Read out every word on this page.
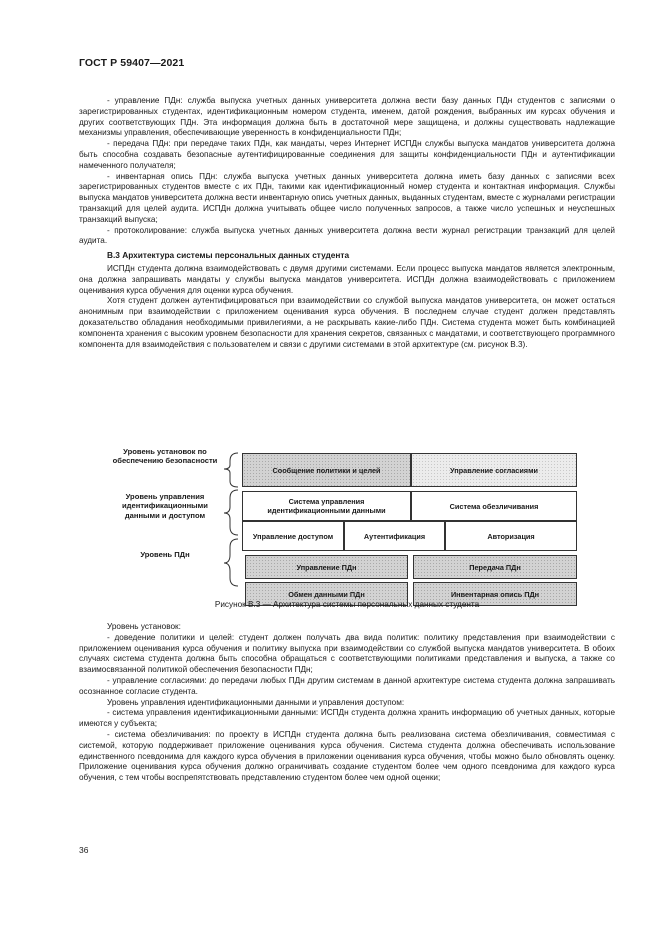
ГОСТ Р 59407—2021

- управление ПДн: служба выпуска учетных данных университета должна вести базу данных ПДн студентов с записями о зарегистрированных студентах, идентификационным номером студента, именем, датой рождения, выбранных им курсах обучения и других соответствующих ПДн. Эта информация должна быть в достаточной мере защищена, и должны существовать надлежащие механизмы управления, обеспечивающие уверенность в конфиденциальности ПДн;

- передача ПДн: при передаче таких ПДн, как мандаты, через Интернет ИСПДн службы выпуска мандатов университета должна быть способна создавать безопасные аутентифицированные соединения для защиты конфиденциальности ПДн и аутентификации намеченного получателя;

- инвентарная опись ПДн: служба выпуска учетных данных университета должна иметь базу данных с записями всех зарегистрированных студентов вместе с их ПДн, такими как идентификационный номер студента и контактная информация. Службы выпуска мандатов университета должна вести инвентарную опись учетных данных, выданных студентам, вместе с журналами регистрации транзакций для целей аудита. ИСПДн должна учитывать общее число полученных запросов, а также число успешных и неуспешных транзакций выпуска;

- протоколирование: служба выпуска учетных данных университета должна вести журнал регистрации транзакций для целей аудита.

В.3 Архитектура системы персональных данных студента

ИСПДн студента должна взаимодействовать с двумя другими системами. Если процесс выпуска мандатов является электронным, она должна запрашивать мандаты у службы выпуска мандатов университета. ИСПДн должна взаимодействовать с приложением оценивания курса обучения для оценки курса обучения.

Хотя студент должен аутентифицироваться при взаимодействии со службой выпуска мандатов университета, он может остаться анонимным при взаимодействии с приложением оценивания курса обучения. В последнем случае студент должен представлять доказательство обладания необходимыми привилегиями, а не раскрывать какие-либо ПДн. Система студента может быть комбинацией компонента хранения с высоким уровнем безопасности для хранения секретов, связанных с мандатами, и соответствующего программного компонента для взаимодействия с пользователем и связи с другими системами в этой архитектуре (см. рисунок В.3).

Уровень установок по обеспечению безопасности
Уровень управления идентификационными данными и доступом
Уровень ПДн
Сообщение политики и целей	Управление согласиями
Система управления идентификационными данными	Система обезличивания
Управление доступом	Аутентификация	Авторизация
Управление ПДн	Передача ПДн
Обмен данными ПДн	Инвентарная опись ПДн
Рисунок В.3 — Архитектура системы персональных данных студента

Уровень установок:

- доведение политики и целей: студент должен получать два вида политик: политику представления при взаимодействии с приложением оценивания курса обучения и политику выпуска при взаимодействии со службой выпуска мандатов университета. В обоих случаях система студента должна быть способна обращаться с соответствующими политиками представления и выпуска, а также со взаимосвязанной политикой обеспечения безопасности ПДн;

- управление согласиями: до передачи любых ПДн другим системам в данной архитектуре система студента должна запрашивать осознанное согласие студента.

Уровень управления идентификационными данными и управления доступом:

- система управления идентификационными данными: ИСПДн студента должна хранить информацию об учетных данных, которые имеются у субъекта;

- система обезличивания: по проекту в ИСПДн студента должна быть реализована система обезличивания, совместимая с системой, которую поддерживает приложение оценивания курса обучения. Система студента должна обеспечивать использование единственного псевдонима для каждого курса обучения в приложении оценивания курса обучения, чтобы можно было обновлять оценку. Приложение оценивания курса обучения должно ограничивать создание студентом более чем одного псевдонима для каждого курса обучения, с тем чтобы воспрепятствовать представлению студентом более чем одной оценки;

36
